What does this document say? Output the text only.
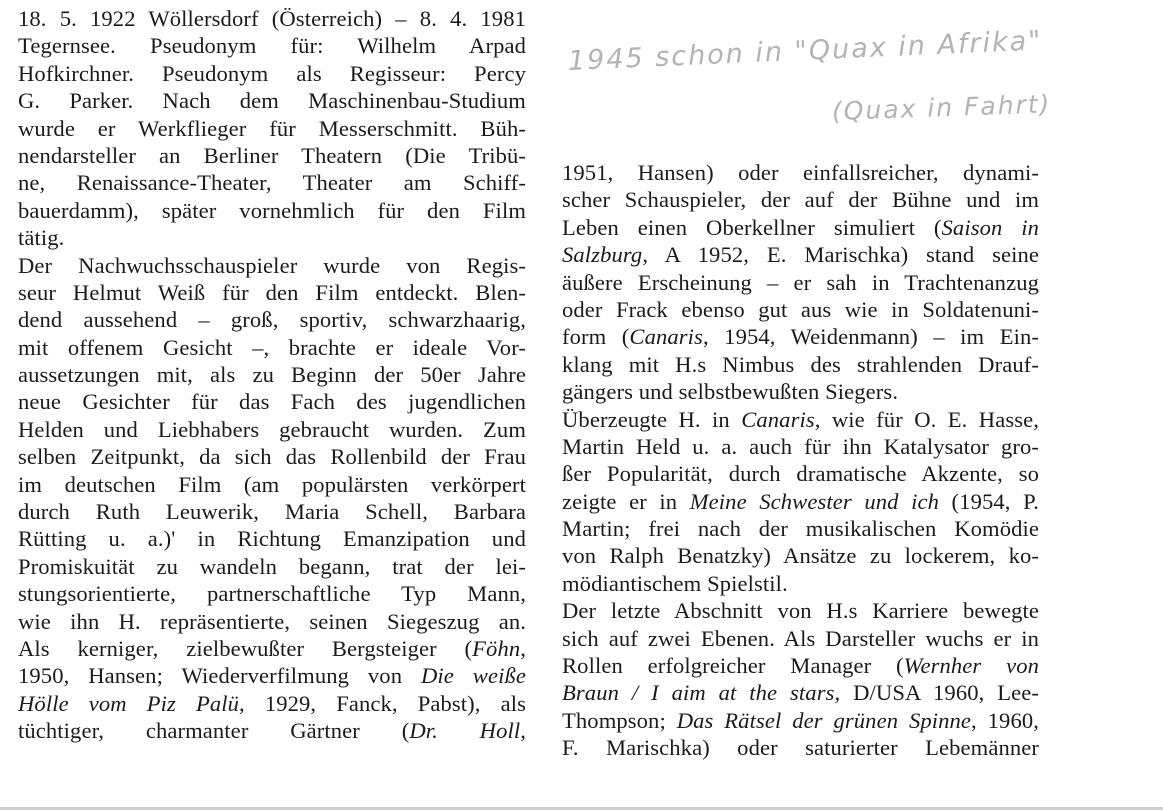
1945 schon in "Quax in Afrika"
(Quax in Fahrt)
18. 5. 1922 Wöllersdorf (Österreich) – 8. 4. 1981
Tegernsee. Pseudonym für: Wilhelm Arpad
Hofkirchner. Pseudonym als Regisseur: Percy
G. Parker. Nach dem Maschinenbau-Studium
wurde er Werkflieger für Messerschmitt. Büh-
nendarsteller an Berliner Theatern (Die Tribü-
ne, Renaissance-Theater, Theater am Schiff-
bauerdamm), später vornehmlich für den Film
tätig.
Der Nachwuchsschauspieler wurde von Regis-
seur Helmut Weiß für den Film entdeckt. Blen-
dend aussehend – groß, sportiv, schwarzhaarig,
mit offenem Gesicht –, brachte er ideale Vor-
aussetzungen mit, als zu Beginn der 50er Jahre
neue Gesichter für das Fach des jugendlichen
Helden und Liebhabers gebraucht wurden. Zum
selben Zeitpunkt, da sich das Rollenbild der Frau
im deutschen Film (am populärsten verkörpert
durch Ruth Leuwerik, Maria Schell, Barbara
Rütting u. a.)' in Richtung Emanzipation und
Promiskuität zu wandeln begann, trat der lei-
stungsorientierte, partnerschaftliche Typ Mann,
wie ihn H. repräsentierte, seinen Siegeszug an.
Als kerniger, zielbewußter Bergsteiger (Föhn,
1950, Hansen; Wiederverfilmung von Die weiße
Hölle vom Piz Palü, 1929, Fanck, Pabst), als
tüchtiger, charmanter Gärtner (Dr. Holl,
1951, Hansen) oder einfallsreicher, dynami-
scher Schauspieler, der auf der Bühne und im
Leben einen Oberkellner simuliert (Saison in
Salzburg, A 1952, E. Marischka) stand seine
äußere Erscheinung – er sah in Trachtenanzug
oder Frack ebenso gut aus wie in Soldatenuni-
form (Canaris, 1954, Weidenmann) – im Ein-
klang mit H.s Nimbus des strahlenden Drauf-
gängers und selbstbewußten Siegers.
Überzeugte H. in Canaris, wie für O. E. Hasse,
Martin Held u. a. auch für ihn Katalysator gro-
ßer Popularität, durch dramatische Akzente, so
zeigte er in Meine Schwester und ich (1954, P.
Martin; frei nach der musikalischen Komödie
von Ralph Benatzky) Ansätze zu lockerem, ko-
mödiantischem Spielstil.
Der letzte Abschnitt von H.s Karriere bewegte
sich auf zwei Ebenen. Als Darsteller wuchs er in
Rollen erfolgreicher Manager (Wernher von
Braun / I aim at the stars, D/USA 1960, Lee-
Thompson; Das Rätsel der grünen Spinne, 1960,
F. Marischka) oder saturierter Lebemänner
